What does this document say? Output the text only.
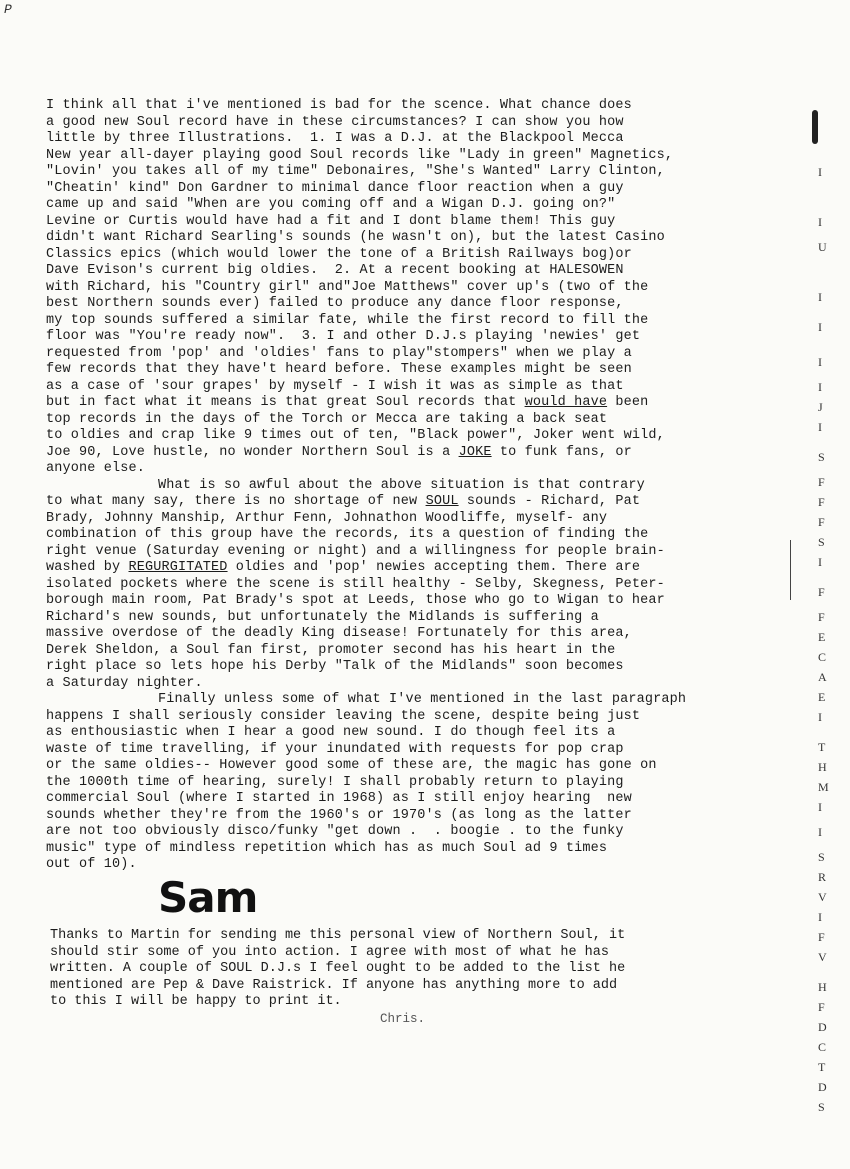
P
I think all that i've mentioned is bad for the scence. What chance does
a good new Soul record have in these circumstances? I can show you how
little by three Illustrations.  1. I was a D.J. at the Blackpool Mecca
New year all-dayer playing good Soul records like "Lady in green" Magnetics,
"Lovin' you takes all of my time" Debonaires, "She's Wanted" Larry Clinton,
"Cheatin' kind" Don Gardner to minimal dance floor reaction when a guy
came up and said "When are you coming off and a Wigan D.J. going on?"
Levine or Curtis would have had a fit and I dont blame them! This guy
didn't want Richard Searling's sounds (he wasn't on), but the latest Casino
Classics epics (which would lower the tone of a British Railways bog)or
Dave Evison's current big oldies.  2. At a recent booking at HALESOWEN
with Richard, his "Country girl" and"Joe Matthews" cover up's (two of the
best Northern sounds ever) failed to produce any dance floor response,
my top sounds suffered a similar fate, while the first record to fill the
floor was "You're ready now".  3. I and other D.J.s playing 'newies' get
requested from 'pop' and 'oldies' fans to play"stompers" when we play a
few records that they have't heard before. These examples might be seen
as a case of 'sour grapes' by myself - I wish it was as simple as that
but in fact what it means is that great Soul records that would have been
top records in the days of the Torch or Mecca are taking a back seat
to oldies and crap like 9 times out of ten, "Black power", Joker went wild,
Joe 90, Love hustle, no wonder Northern Soul is a JOKE to funk fans, or
anyone else.
What is so awful about the above situation is that contrary
to what many say, there is no shortage of new SOUL sounds - Richard, Pat
Brady, Johnny Manship, Arthur Fenn, Johnathon Woodliffe, myself- any
combination of this group have the records, its a question of finding the
right venue (Saturday evening or night) and a willingness for people brain-
washed by REGURGITATED oldies and 'pop' newies accepting them. There are
isolated pockets where the scene is still healthy - Selby, Skegness, Peter-
borough main room, Pat Brady's spot at Leeds, those who go to Wigan to hear
Richard's new sounds, but unfortunately the Midlands is suffering a
massive overdose of the deadly King disease! Fortunately for this area,
Derek Sheldon, a Soul fan first, promoter second has his heart in the
right place so lets hope his Derby "Talk of the Midlands" soon becomes
a Saturday nighter.
Finally unless some of what I've mentioned in the last paragraph
happens I shall seriously consider leaving the scene, despite being just
as enthousiastic when I hear a good new sound. I do though feel its a
waste of time travelling, if your inundated with requests for pop crap
or the same oldies-- However good some of these are, the magic has gone on
the 1000th time of hearing, surely! I shall probably return to playing
commercial Soul (where I started in 1968) as I still enjoy hearing  new
sounds whether they're from the 1960's or 1970's (as long as the latter
are not too obviously disco/funky "get down .  . boogie . to the funky
music" type of mindless repetition which has as much Soul ad 9 times
out of 10).
Sam
Thanks to Martin for sending me this personal view of Northern Soul, it
should stir some of you into action. I agree with most of what he has
written. A couple of SOUL D.J.s I feel ought to be added to the list he
mentioned are Pep & Dave Raistrick. If anyone has anything more to add
to this I will be happy to print it.
Chris.
I
I
U
I
I
I
I
J
I
S
F
F
F
S
I
F
F
E
C
A
E
I
T
H
M
I
I
S
R
V
I
F
V
H
F
D
C
T
D
S
